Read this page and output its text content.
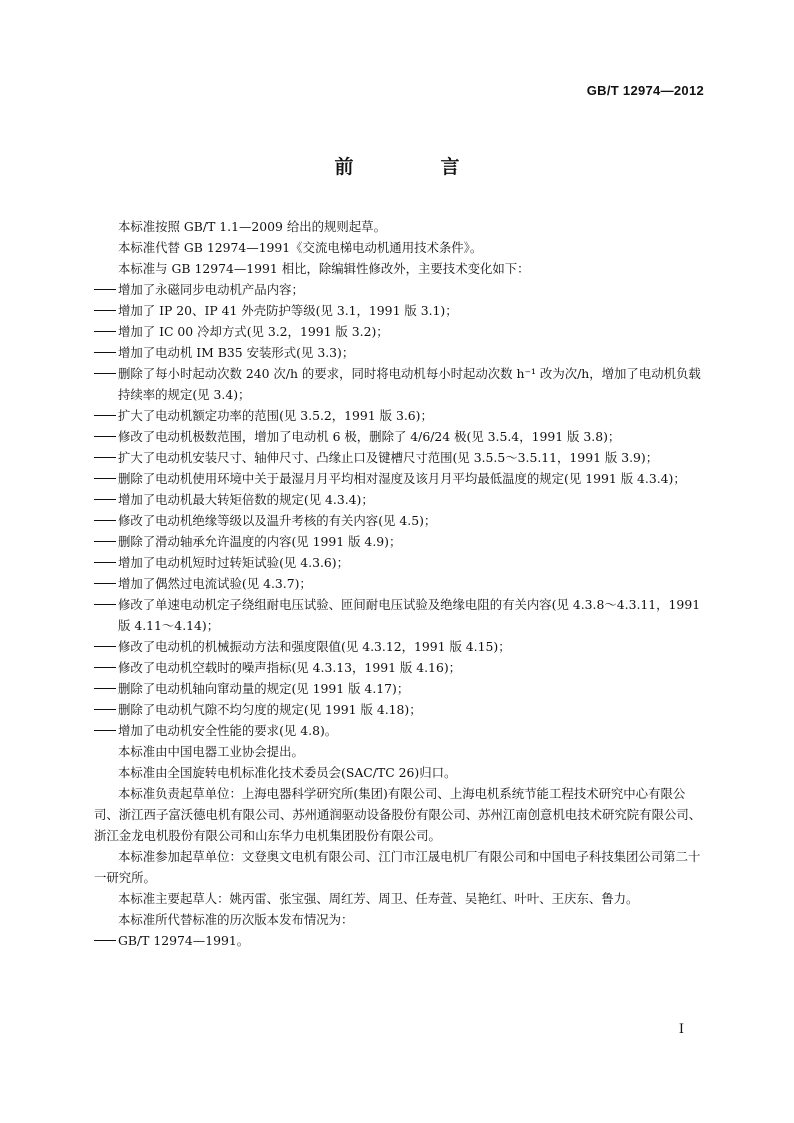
GB/T 12974—2012
前　言

本标准按照 GB/T 1.1—2009 给出的规则起草。

本标准代替 GB 12974—1991《交流电梯电动机通用技术条件》。

本标准与 GB 12974—1991 相比，除编辑性修改外，主要技术变化如下：

增加了永磁同步电动机产品内容；

增加了 IP 20、IP 41 外壳防护等级(见 3.1，1991 版 3.1)；

增加了 IC 00 冷却方式(见 3.2，1991 版 3.2)；

增加了电动机 IM B35 安装形式(见 3.3)；

删除了每小时起动次数 240 次/h 的要求，同时将电动机每小时起动次数 h⁻¹ 改为次/h，增加了电动机负载持续率的规定(见 3.4)；

扩大了电动机额定功率的范围(见 3.5.2，1991 版 3.6)；

修改了电动机极数范围，增加了电动机 6 极，删除了 4/6/24 极(见 3.5.4，1991 版 3.8)；

扩大了电动机安装尺寸、轴伸尺寸、凸缘止口及键槽尺寸范围(见 3.5.5～3.5.11，1991 版 3.9)；

删除了电动机使用环境中关于最湿月月平均相对湿度及该月月平均最低温度的规定(见 1991 版 4.3.4)；

增加了电动机最大转矩倍数的规定(见 4.3.4)；

修改了电动机绝缘等级以及温升考核的有关内容(见 4.5)；

删除了滑动轴承允许温度的内容(见 1991 版 4.9)；

增加了电动机短时过转矩试验(见 4.3.6)；

增加了偶然过电流试验(见 4.3.7)；

修改了单速电动机定子绕组耐电压试验、匝间耐电压试验及绝缘电阻的有关内容(见 4.3.8～4.3.11，1991 版 4.11～4.14)；

修改了电动机的机械振动方法和强度限值(见 4.3.12，1991 版 4.15)；

修改了电动机空载时的噪声指标(见 4.3.13，1991 版 4.16)；

删除了电动机轴向窜动量的规定(见 1991 版 4.17)；

删除了电动机气隙不均匀度的规定(见 1991 版 4.18)；

增加了电动机安全性能的要求(见 4.8)。

本标准由中国电器工业协会提出。

本标准由全国旋转电机标准化技术委员会(SAC/TC 26)归口。

本标准负责起草单位：上海电器科学研究所(集团)有限公司、上海电机系统节能工程技术研究中心有限公司、浙江西子富沃德电机有限公司、苏州通润驱动设备股份有限公司、苏州江南创意机电技术研究院有限公司、浙江金龙电机股份有限公司和山东华力电机集团股份有限公司。

本标准参加起草单位：文登奥文电机有限公司、江门市江晟电机厂有限公司和中国电子科技集团公司第二十一研究所。

本标准主要起草人：姚丙雷、张宝强、周红芳、周卫、任寿萱、吴艳红、叶叶、王庆东、鲁力。

本标准所代替标准的历次版本发布情况为：

GB/T 12974—1991。

I
